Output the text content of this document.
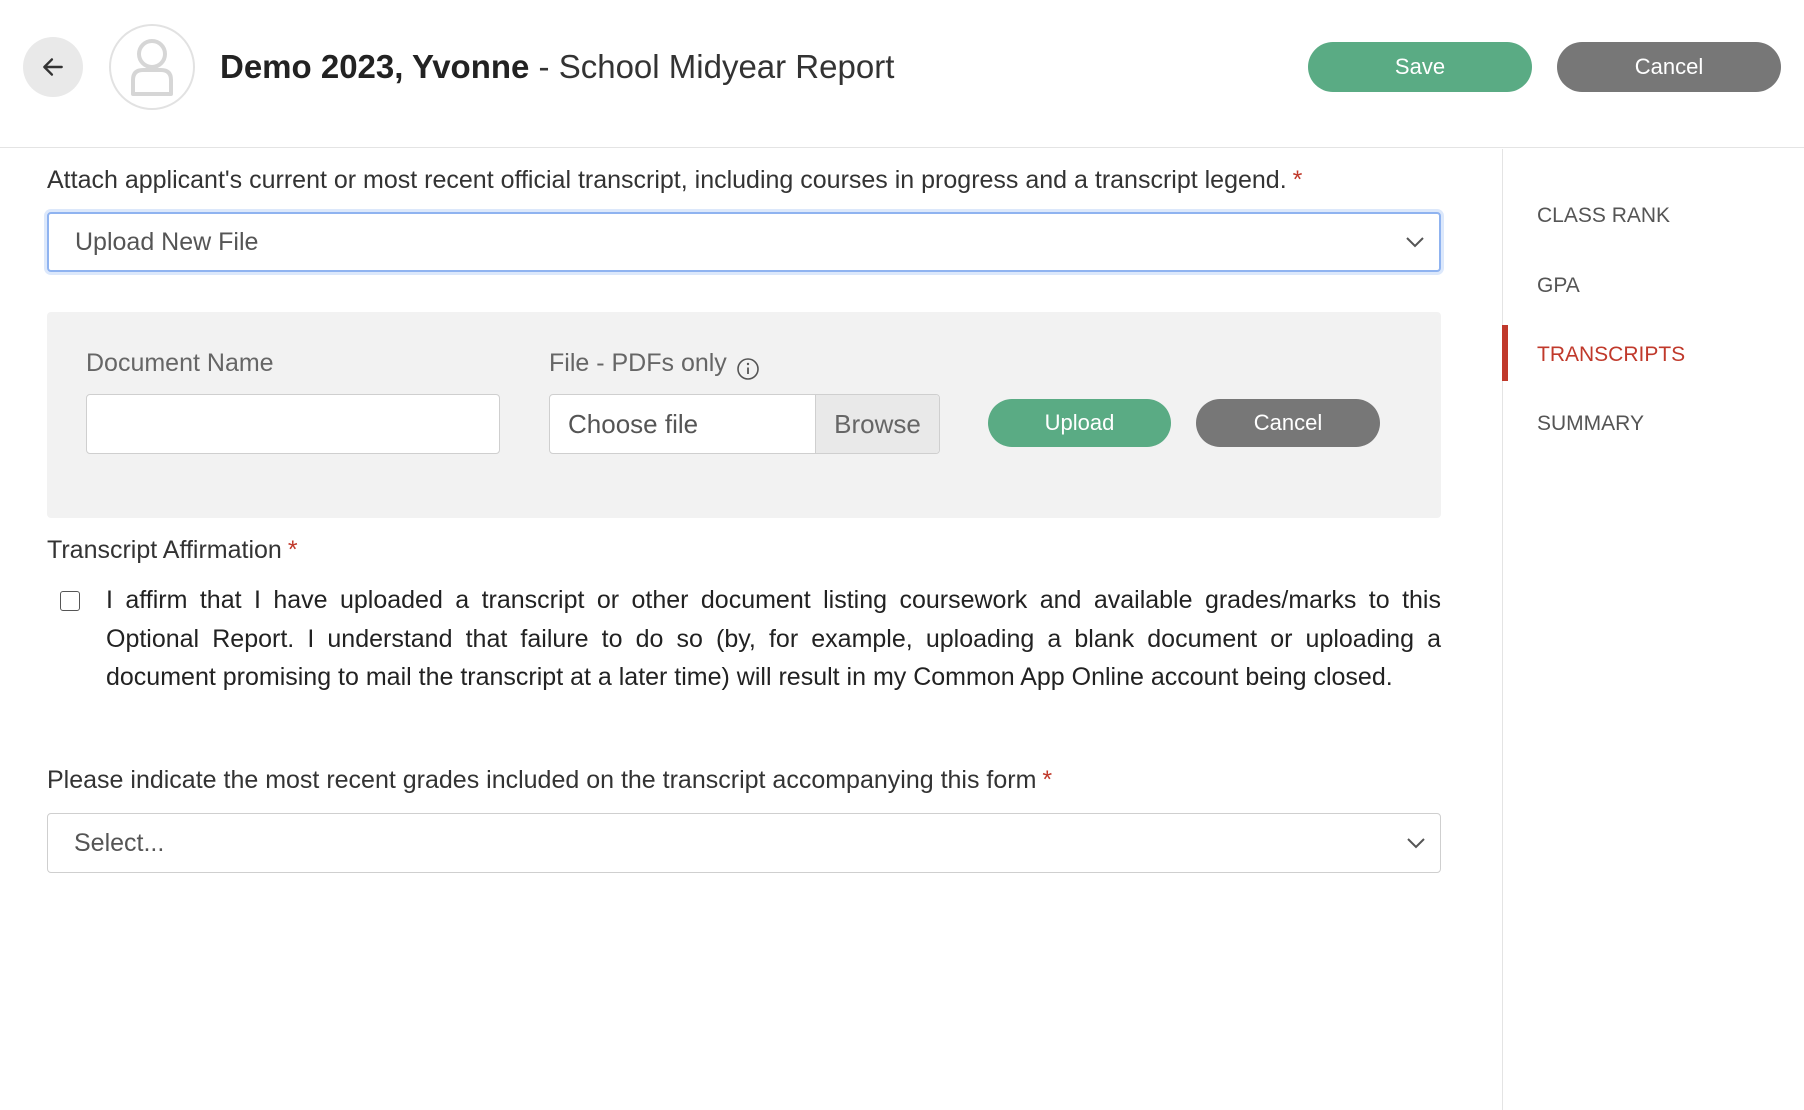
Demo 2023, Yvonne - School Midyear Report	Save	Cancel
Attach applicant's current or most recent official transcript, including courses in progress and a transcript legend. *
Upload New File
Document Name	File - PDFs only
Choose file	Browse	Upload	Cancel
Transcript Affirmation *
I affirm that I have uploaded a transcript or other document listing coursework and available grades/marks to this Optional Report. I understand that failure to do so (by, for example, uploading a blank document or uploading a document promising to mail the transcript at a later time) will result in my Common App Online account being closed.
Please indicate the most recent grades included on the transcript accompanying this form *
Select...
CLASS RANK
GPA
TRANSCRIPTS
SUMMARY
